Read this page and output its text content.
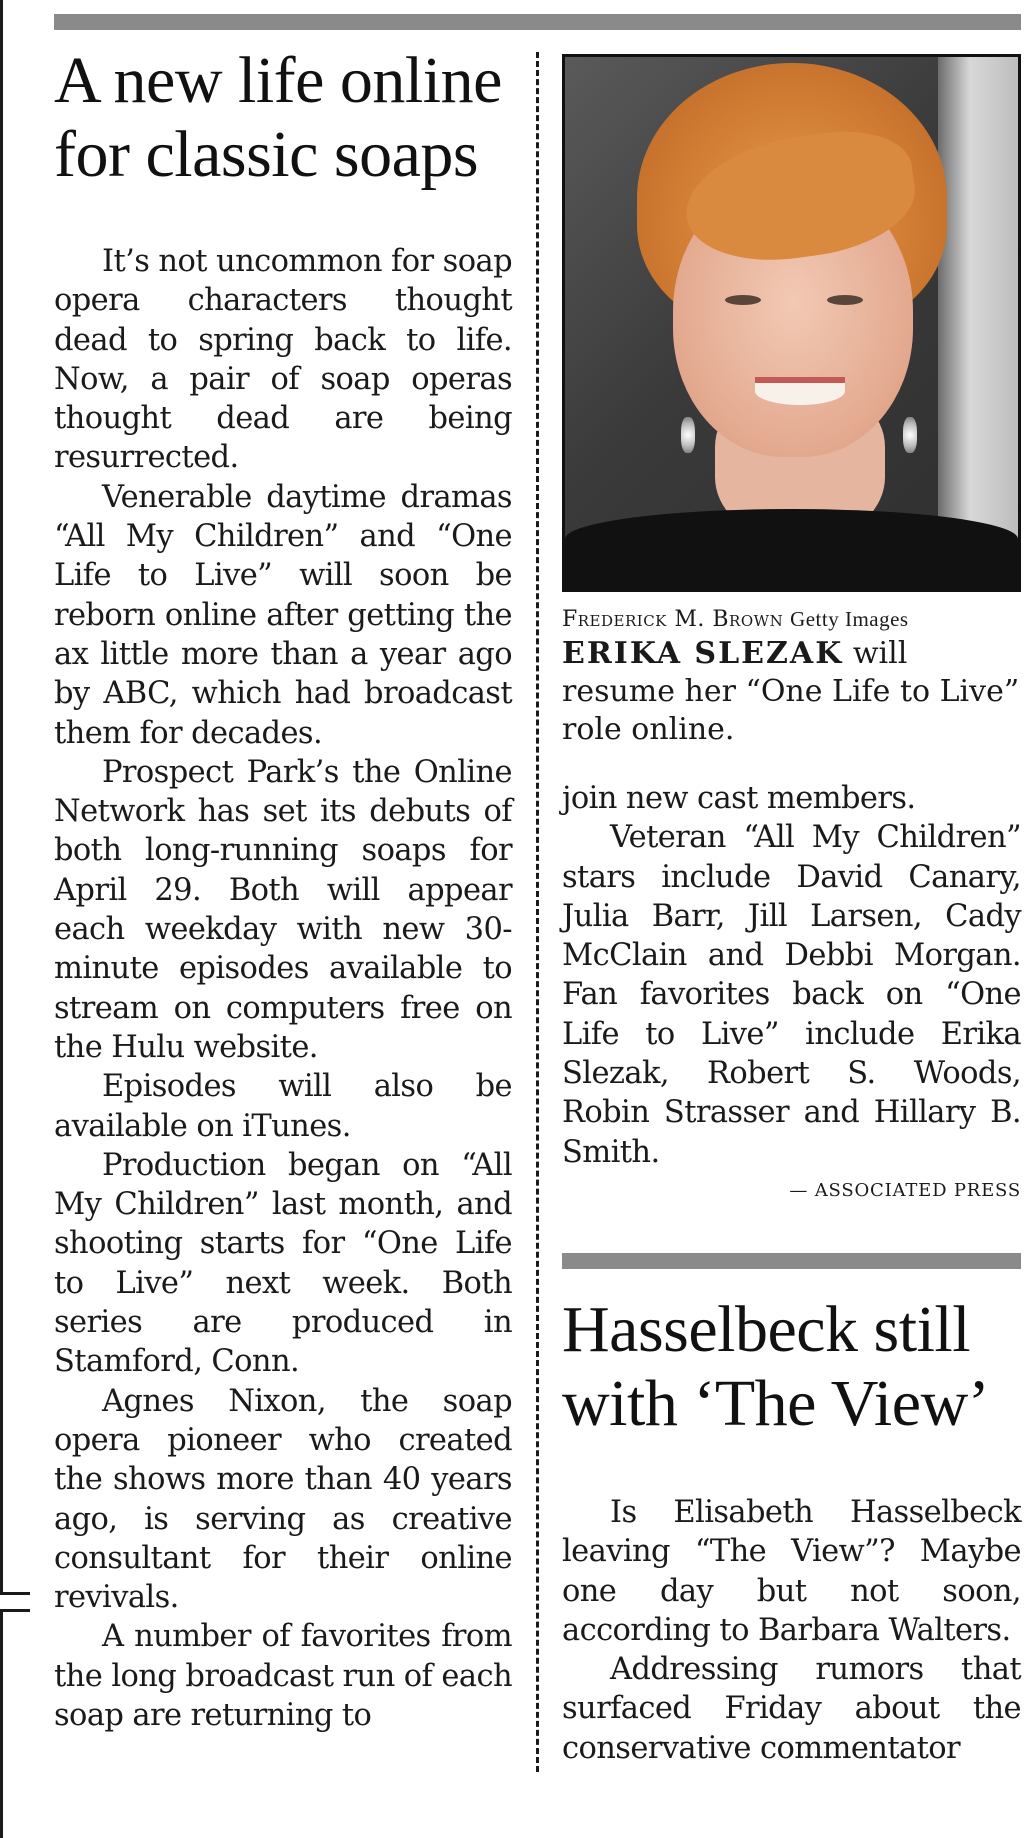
A new life online for classic soaps

It’s not uncommon for soap opera characters thought dead to spring back to life. Now, a pair of soap operas thought dead are being resurrected.

Venerable daytime dramas “All My Children” and “One Life to Live” will soon be reborn online after getting the ax little more than a year ago by ABC, which had broadcast them for decades.

Prospect Park’s the Online Network has set its debuts of both long-running soaps for April 29. Both will appear each weekday with new 30-minute episodes available to stream on computers free on the Hulu website.

Episodes will also be available on iTunes.

Production began on “All My Children” last month, and shooting starts for “One Life to Live” next week. Both series are produced in Stamford, Conn.

Agnes Nixon, the soap opera pioneer who created the shows more than 40 years ago, is serving as creative consultant for their online revivals.

A number of favorites from the long broadcast run of each soap are returning to

Frederick M. Brown Getty Images
ERIKA SLEZAK will resume her “One Life to Live” role online.

join new cast members.

Veteran “All My Children” stars include David Canary, Julia Barr, Jill Larsen, Cady McClain and Debbi Morgan. Fan favorites back on “One Life to Live” include Erika Slezak, Robert S. Woods, Robin Strasser and Hillary B. Smith.

— ASSOCIATED PRESS
Hasselbeck still with ‘The View’

Is Elisabeth Hasselbeck leaving “The View”? Maybe one day but not soon, according to Barbara Walters.

Addressing rumors that surfaced Friday about the conservative commentator
